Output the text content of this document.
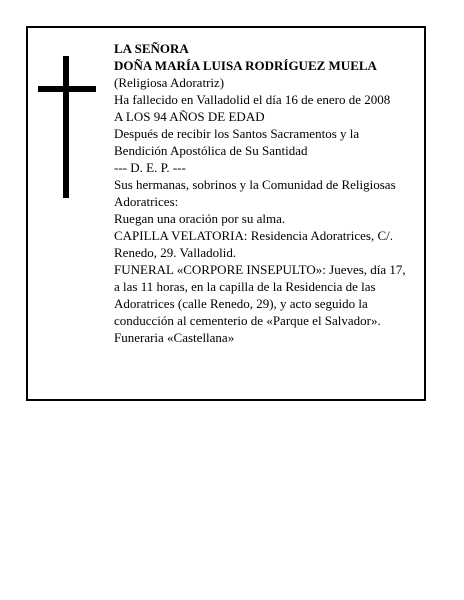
LA SEÑORA
DOÑA MARÍA LUISA RODRÍGUEZ MUELA
(Religiosa Adoratriz)
Ha fallecido en Valladolid el día 16 de enero de 2008
A LOS 94 AÑOS DE EDAD
Después de recibir los Santos Sacramentos y la
Bendición Apostólica de Su Santidad
--- D. E. P. ---
Sus hermanas, sobrinos y la Comunidad de Religiosas
Adoratrices:
Ruegan una oración por su alma.
CAPILLA VELATORIA: Residencia Adoratrices, C/.
Renedo, 29. Valladolid.
FUNERAL «CORPORE INSEPULTO»: Jueves, día 17,
a las 11 horas, en la capilla de la Residencia de las
Adoratrices (calle Renedo, 29), y acto seguido la
conducción al cementerio de «Parque el Salvador».
Funeraria «Castellana»
